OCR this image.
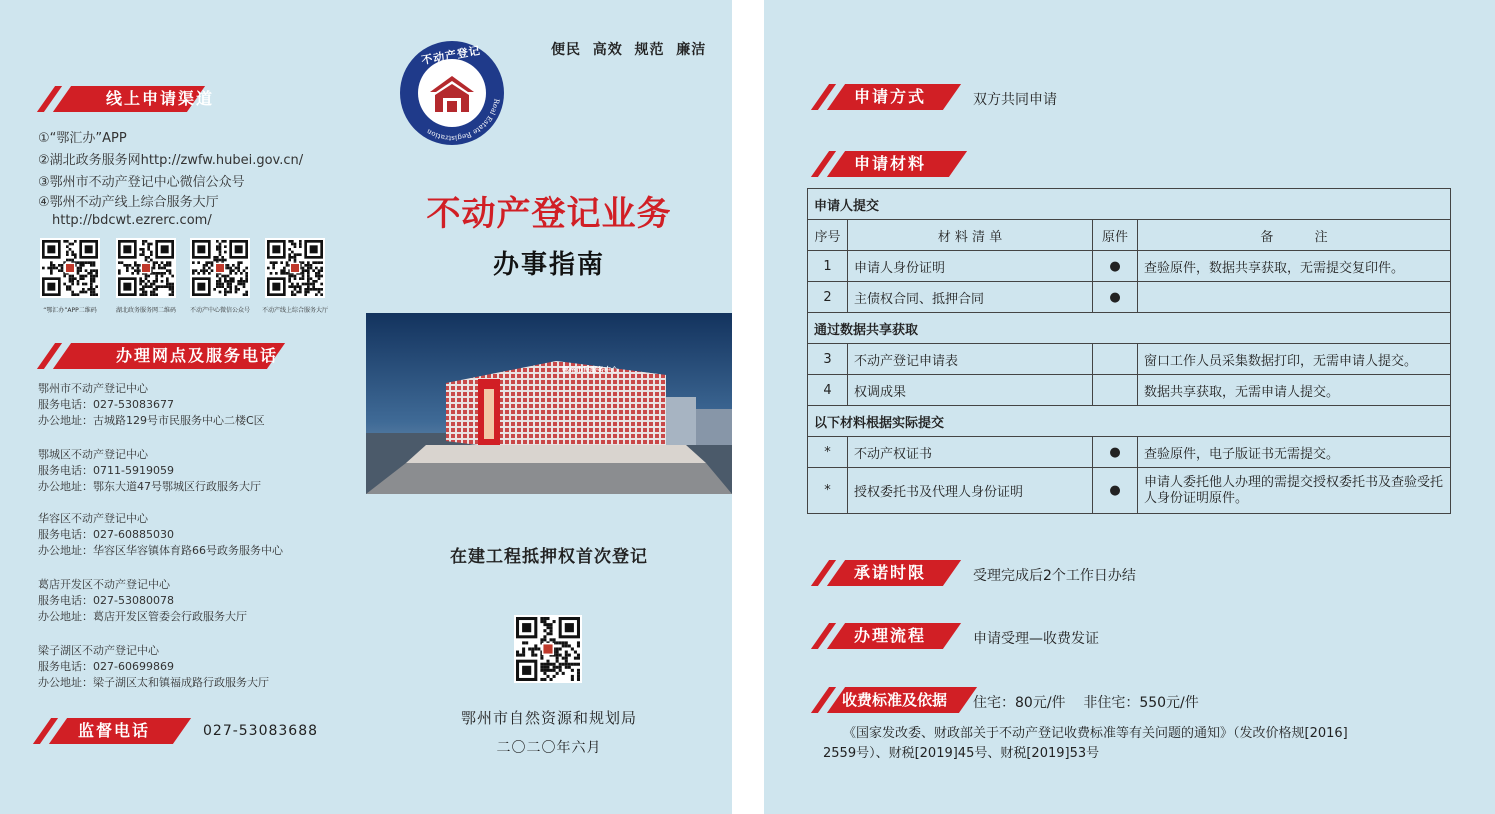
便民  高效  规范  廉洁
Real Estate Registration
不动产登记
线上申请渠道
①“鄂汇办”APP
②湖北政务服务网http://zwfw.hubei.gov.cn/
③鄂州市不动产登记中心微信公众号
④鄂州不动产线上综合服务大厅
http://bdcwt.ezrerc.com/
“鄂汇办”APP二维码	湖北政务服务网二维码	不动产中心微信公众号	不动产线上综合服务大厅
办理网点及服务电话
鄂州市不动产登记中心
服务电话：027-53083677
办公地址：古城路129号市民服务中心二楼C区
鄂城区不动产登记中心
服务电话：0711-5919059
办公地址：鄂东大道47号鄂城区行政服务大厅
华容区不动产登记中心
服务电话：027-60885030
办公地址：华容区华容镇体育路66号政务服务中心
葛店开发区不动产登记中心
服务电话：027-53080078
办公地址：葛店开发区管委会行政服务大厅
梁子湖区不动产登记中心
服务电话：027-60699869
办公地址：梁子湖区太和镇福成路行政服务大厅
监督电话	027-53083688
不动产登记业务
办事指南
鄂州市民服务中心
在建工程抵押权首次登记
鄂州市自然资源和规划局
二〇二〇年六月
申请方式	双方共同申请
申请材料
申请人提交			
序号	材 料 清 单	原件	备          注
1	申请人身份证明	●	查验原件，数据共享获取，无需提交复印件。
2	主债权合同、抵押合同	●	
通过数据共享获取			
3	不动产登记申请表		窗口工作人员采集数据打印，无需申请人提交。
4	权调成果		数据共享获取，无需申请人提交。
以下材料根据实际提交			
*	不动产权证书	●	查验原件，电子版证书无需提交。
*	授权委托书及代理人身份证明	●	申请人委托他人办理的需提交授权委托书及查验受托人身份证明原件。
承诺时限	受理完成后2个工作日办结
办理流程	申请受理—收费发证
收费标准及依据 住宅：80元/件    非住宅：550元/件
《国家发改委、财政部关于不动产登记收费标准等有关问题的通知》（发改价格规[2016]
2559号）、财税[2019]45号、财税[2019]53号
